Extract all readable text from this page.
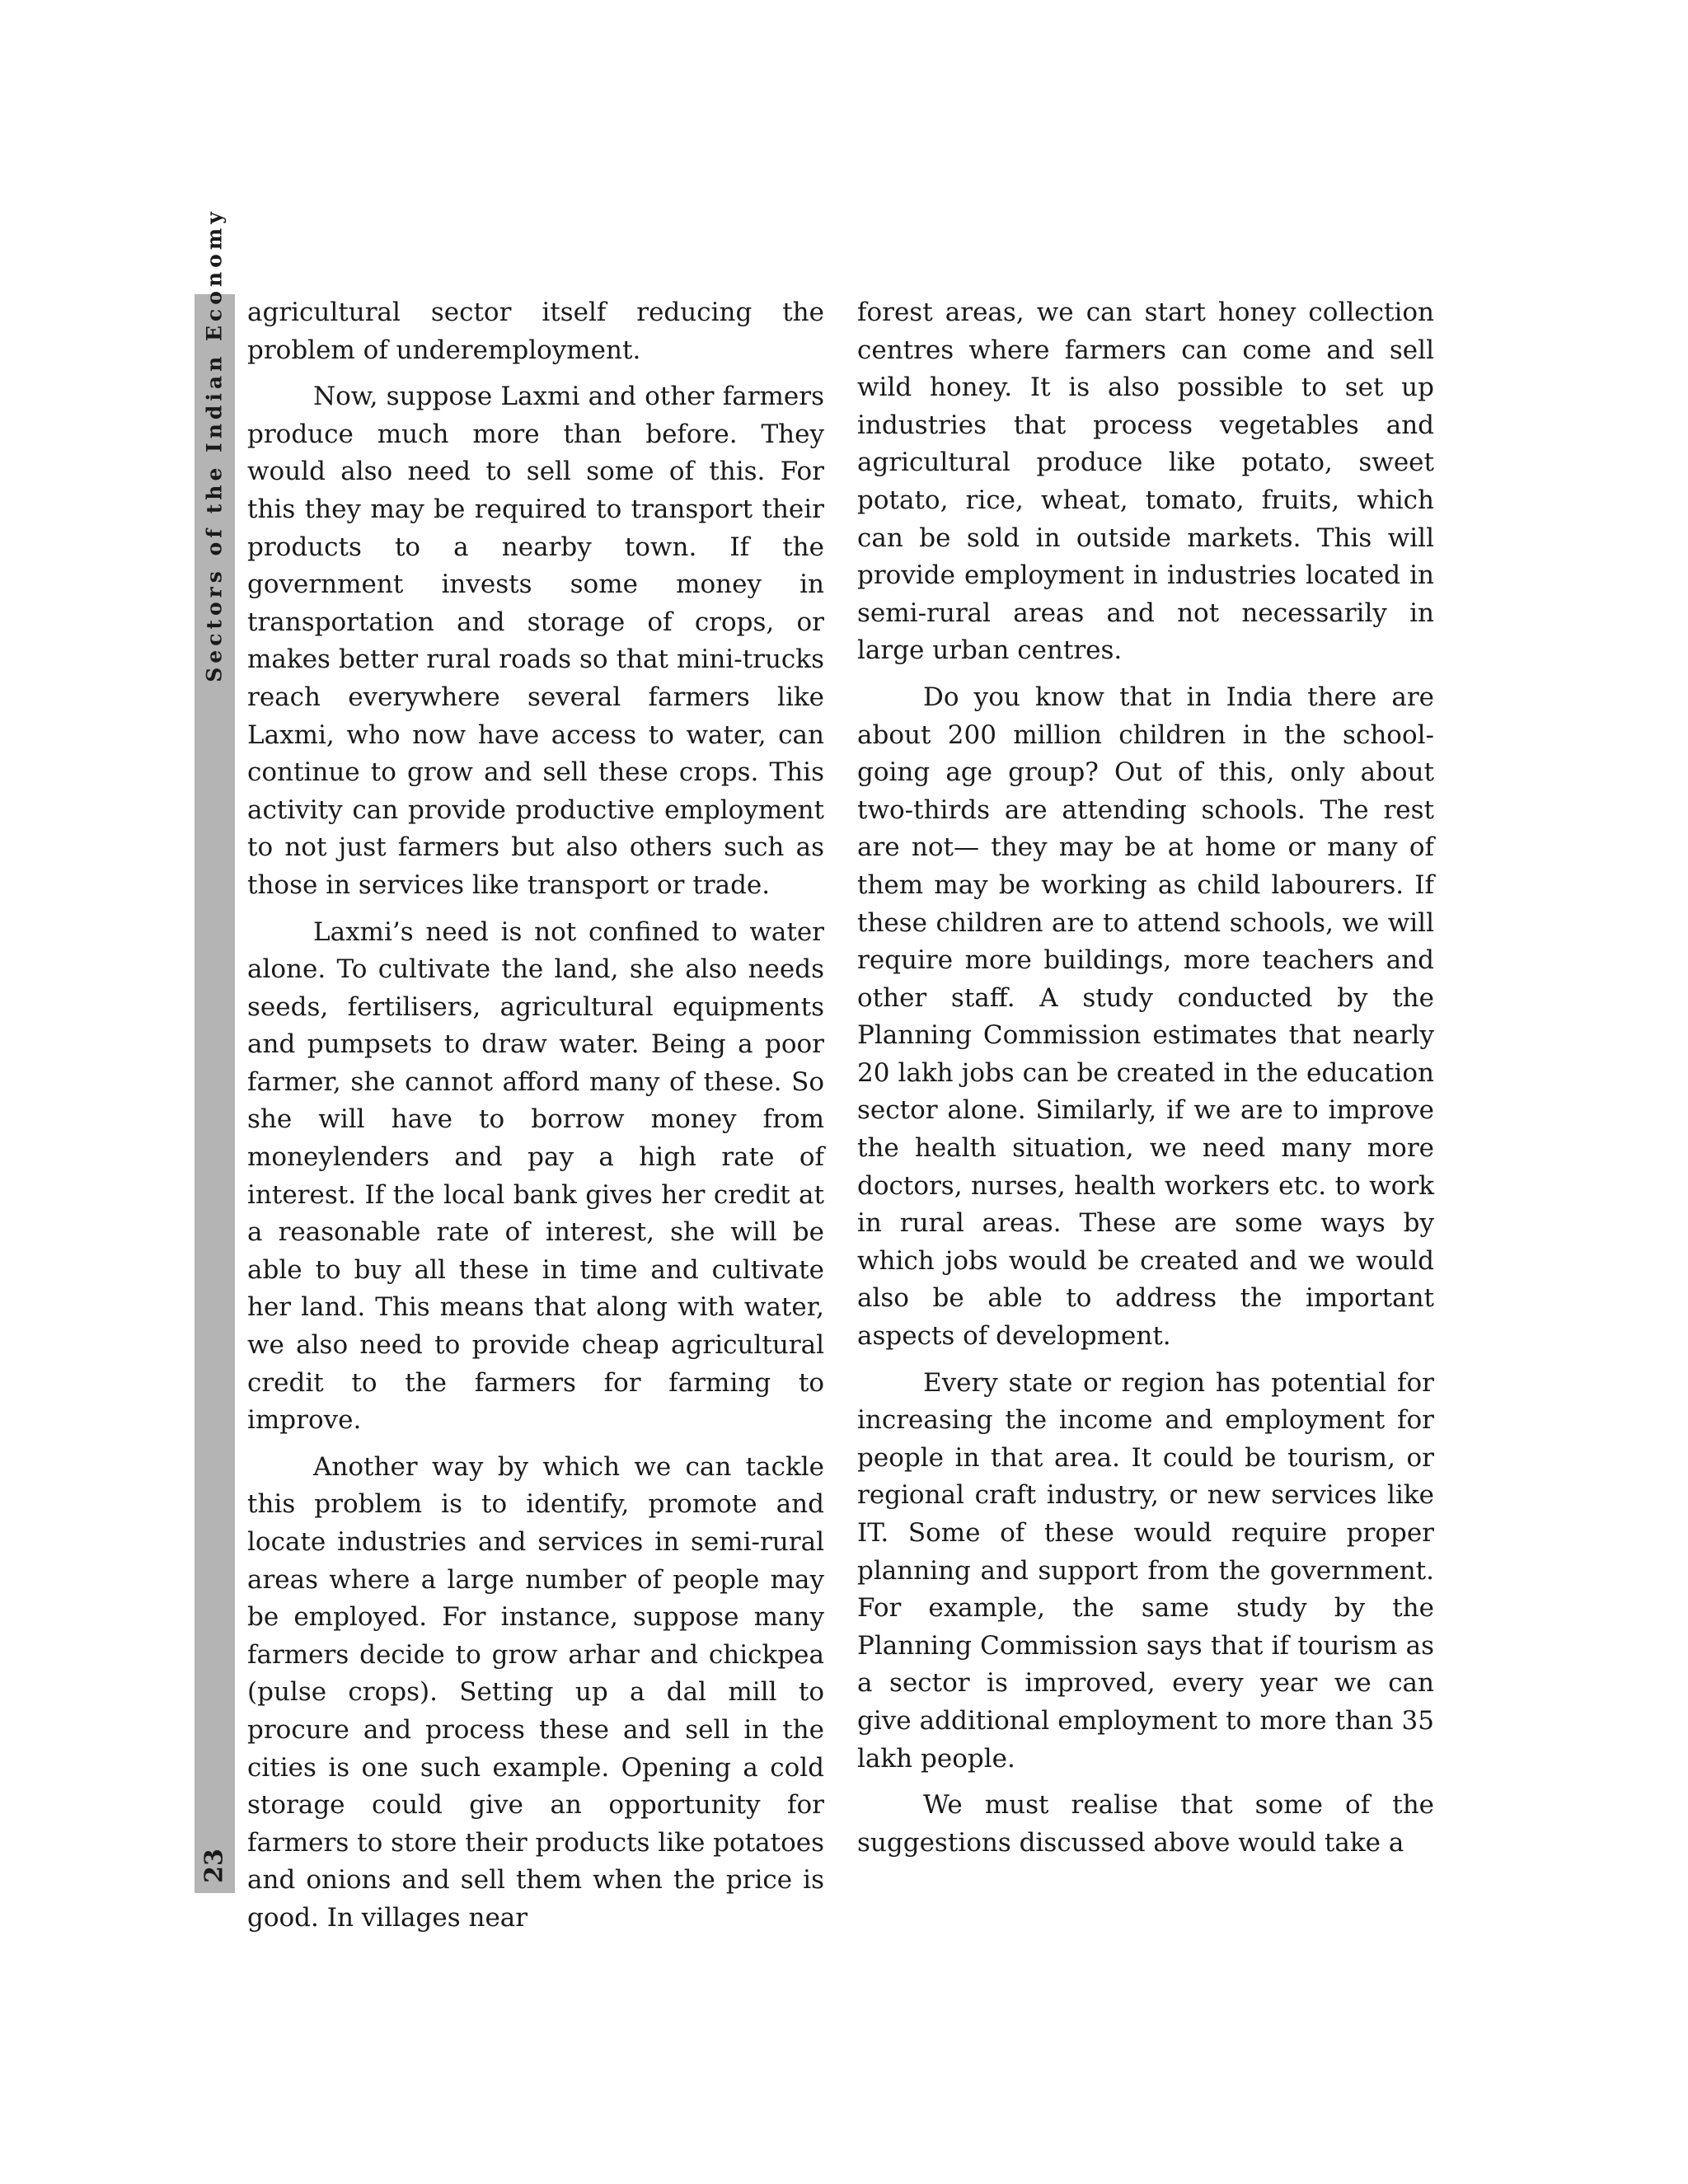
Sectors of the Indian Economy
23

agricultural sector itself reducing the problem of underemployment.

Now, suppose Laxmi and other farmers produce much more than before. They would also need to sell some of this. For this they may be required to transport their products to a nearby town. If the government invests some money in transportation and storage of crops, or makes better rural roads so that mini-trucks reach everywhere several farmers like Laxmi, who now have access to water, can continue to grow and sell these crops. This activity can provide productive employment to not just farmers but also others such as those in services like transport or trade.

Laxmi’s need is not confined to water alone. To cultivate the land, she also needs seeds, fertilisers, agricultural equipments and pumpsets to draw water. Being a poor farmer, she cannot afford many of these. So she will have to borrow money from moneylenders and pay a high rate of interest. If the local bank gives her credit at a reasonable rate of interest, she will be able to buy all these in time and cultivate her land. This means that along with water, we also need to provide cheap agricultural credit to the farmers for farming to improve.

Another way by which we can tackle this problem is to identify, promote and locate industries and services in semi-rural areas where a large number of people may be employed. For instance, suppose many farmers decide to grow arhar and chickpea (pulse crops). Setting up a dal mill to procure and process these and sell in the cities is one such example. Opening a cold storage could give an opportunity for farmers to store their products like potatoes and onions and sell them when the price is good. In villages near

forest areas, we can start honey collection centres where farmers can come and sell wild honey. It is also possible to set up industries that process vegetables and agricultural produce like potato, sweet potato, rice, wheat, tomato, fruits, which can be sold in outside markets. This will provide employment in industries located in semi-rural areas and not necessarily in large urban centres.

Do you know that in India there are about 200 million children in the school-going age group? Out of this, only about two-thirds are attending schools. The rest are not— they may be at home or many of them may be working as child labourers. If these children are to attend schools, we will require more buildings, more teachers and other staff. A study conducted by the Planning Commission estimates that nearly 20 lakh jobs can be created in the education sector alone. Similarly, if we are to improve the health situation, we need many more doctors, nurses, health workers etc. to work in rural areas. These are some ways by which jobs would be created and we would also be able to address the important aspects of development.

Every state or region has potential for increasing the income and employment for people in that area. It could be tourism, or regional craft industry, or new services like IT. Some of these would require proper planning and support from the government. For example, the same study by the Planning Commission says that if tourism as a sector is improved, every year we can give additional employment to more than 35 lakh people.

We must realise that some of the suggestions discussed above would take a
